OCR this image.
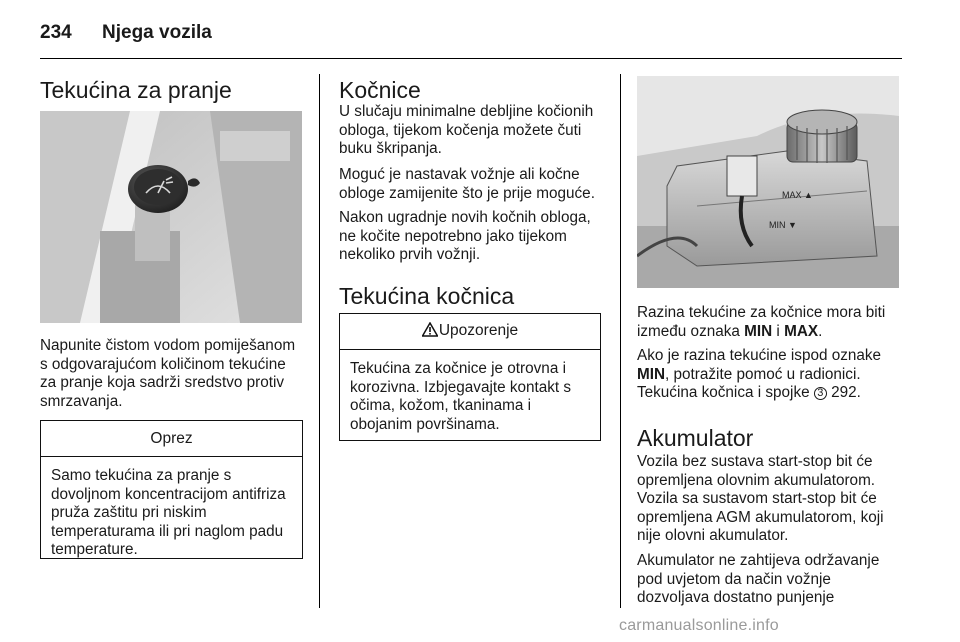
234 Njega vozila
Tekućina za pranje

Napunite čistom vodom pomiješanom s odgovarajućom količinom tekućine za pranje koja sadrži sredstvo protiv smrzavanja.

Oprez
Samo tekućina za pranje s dovoljnom koncentracijom antifriza pruža zaštitu pri niskim temperaturama ili pri naglom padu temperature.
Kočnice

U slučaju minimalne debljine kočionih obloga, tijekom kočenja možete čuti buku škripanja.

Moguć je nastavak vožnje ali kočne obloge zamijenite što je prije moguće.

Nakon ugradnje novih kočnih obloga, ne kočite nepotrebno jako tijekom nekoliko prvih vožnji.

Tekućina kočnica
Upozorenje
Tekućina za kočnice je otrovna i korozivna. Izbjegavajte kontakt s očima, kožom, tkaninama i obojanim površinama.
MAX ▲
MIN ▼

Razina tekućine za kočnice mora biti između oznaka MIN i MAX.

Ako je razina tekućine ispod oznake MIN, potražite pomoć u radionici.

Tekućina kočnica i spojke 3 292.

Akumulator

Vozila bez sustava start-stop bit će opremljena olovnim akumulatorom. Vozila sa sustavom start-stop bit će opremljena AGM akumulatorom, koji nije olovni akumulator.

Akumulator ne zahtijeva održavanje pod uvjetom da način vožnje dozvoljava dostatno punjenje

carmanualsonline.info
